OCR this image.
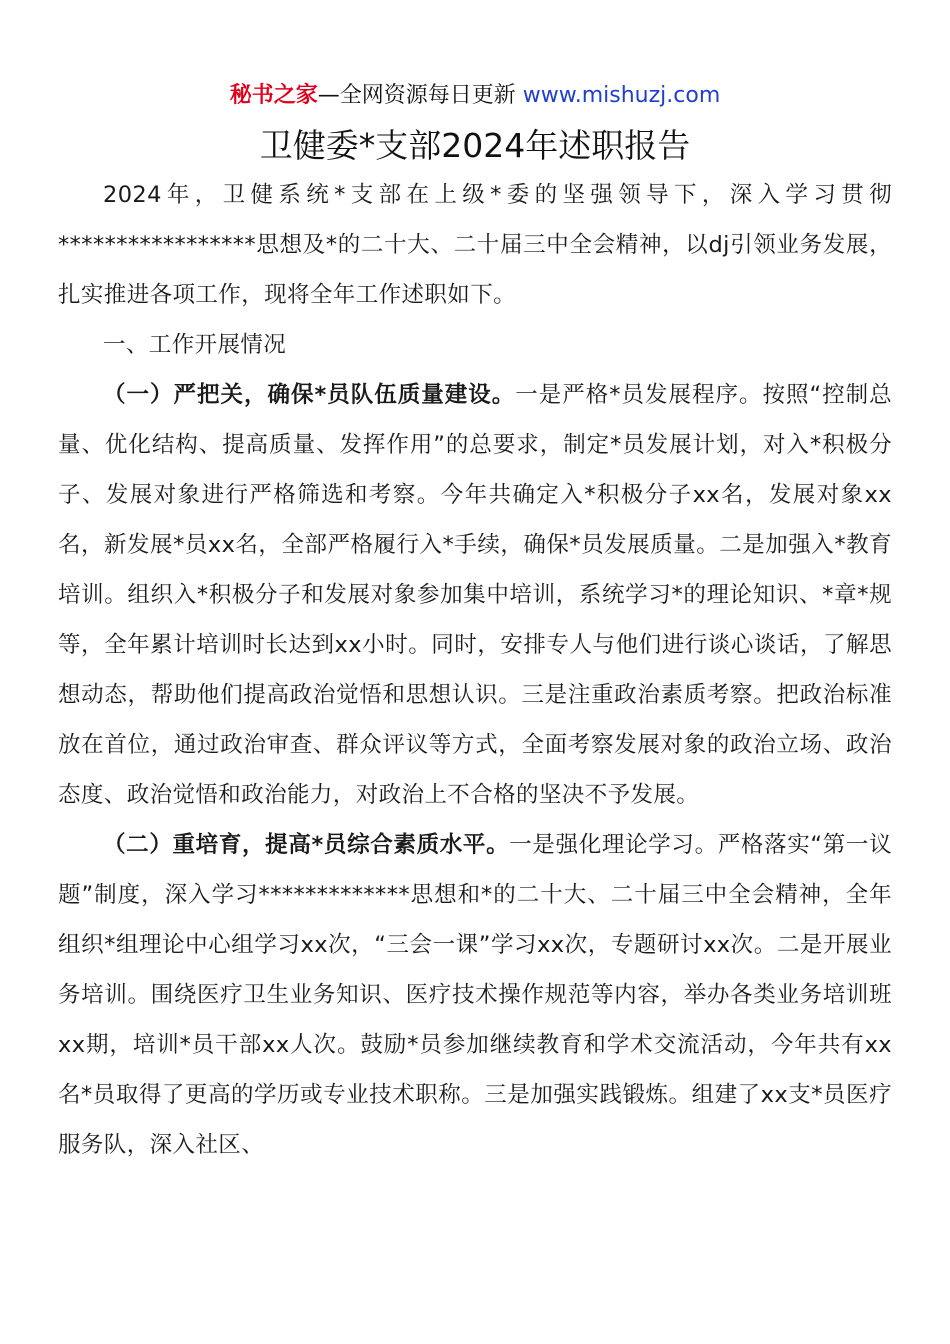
秘书之家—全网资源每日更新 www.mishuzj.com
卫健委*支部2024年述职报告

2024年，卫健系统*支部在上级*委的坚强领导下，深入学习贯彻*****************思想及*的二十大、二十届三中全会精神，以dj引领业务发展，扎实推进各项工作，现将全年工作述职如下。

一、工作开展情况

（一）严把关，确保*员队伍质量建设。一是严格*员发展程序。按照“控制总量、优化结构、提高质量、发挥作用”的总要求，制定*员发展计划，对入*积极分子、发展对象进行严格筛选和考察。今年共确定入*积极分子xx名，发展对象xx名，新发展*员xx名，全部严格履行入*手续，确保*员发展质量。二是加强入*教育培训。组织入*积极分子和发展对象参加集中培训，系统学习*的理论知识、*章*规等，全年累计培训时长达到xx小时。同时，安排专人与他们进行谈心谈话，了解思想动态，帮助他们提高政治觉悟和思想认识。三是注重政治素质考察。把政治标准放在首位，通过政治审查、群众评议等方式，全面考察发展对象的政治立场、政治态度、政治觉悟和政治能力，对政治上不合格的坚决不予发展。

（二）重培育，提高*员综合素质水平。一是强化理论学习。严格落实“第一议题”制度，深入学习*************思想和*的二十大、二十届三中全会精神，全年组织*组理论中心组学习xx次，“三会一课”学习xx次，专题研讨xx次。二是开展业务培训。围绕医疗卫生业务知识、医疗技术操作规范等内容，举办各类业务培训班xx期，培训*员干部xx人次。鼓励*员参加继续教育和学术交流活动，今年共有xx名*员取得了更高的学历或专业技术职称。三是加强实践锻炼。组建了xx支*员医疗服务队，深入社区、
